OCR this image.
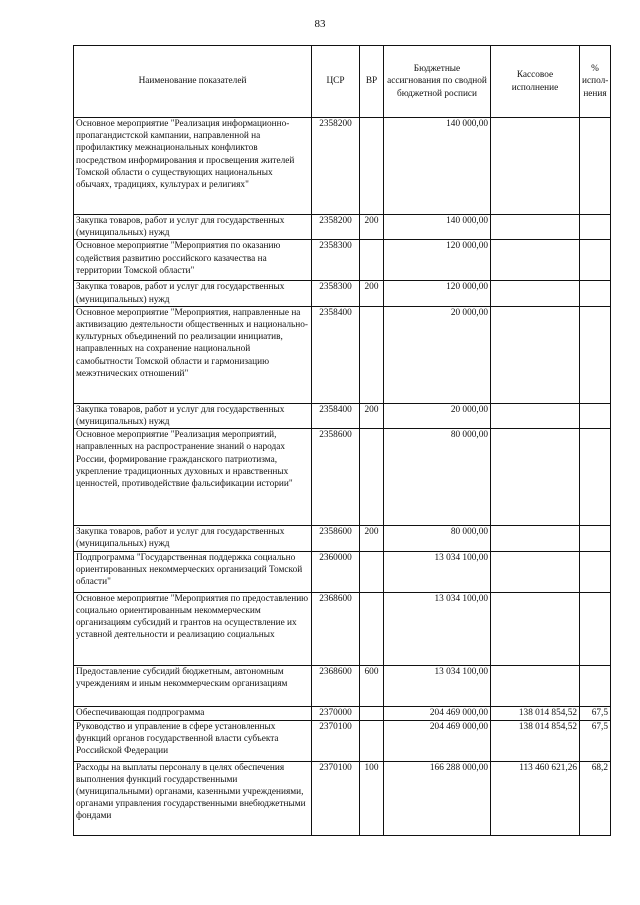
83
Наименование показателей	ЦСР	ВР	Бюджетные ассигнования по сводной бюджетной росписи	Кассовое исполнение	% испол-нения
Основное мероприятие "Реализация информационно-пропагандистской кампании, направленной на профилактику межнациональных конфликтов посредством информирования и просвещения жителей Томской области о существующих национальных обычаях, традициях, культурах и религиях"	2358200		140 000,00		
Закупка товаров, работ и услуг для государственных (муниципальных) нужд	2358200	200	140 000,00		
Основное мероприятие "Мероприятия по оказанию содействия развитию российского казачества на территории Томской области"	2358300		120 000,00		
Закупка товаров, работ и услуг для государственных (муниципальных) нужд	2358300	200	120 000,00		
Основное мероприятие "Мероприятия, направленные на активизацию деятельности общественных и национально-культурных объединений по реализации инициатив, направленных на сохранение национальной самобытности Томской области и гармонизацию межэтнических отношений"	2358400		20 000,00		
Закупка товаров, работ и услуг для государственных (муниципальных) нужд	2358400	200	20 000,00		
Основное мероприятие "Реализация мероприятий, направленных на распространение знаний о народах России, формирование гражданского патриотизма, укрепление традиционных духовных и нравственных ценностей, противодействие фальсификации истории"	2358600		80 000,00		
Закупка товаров, работ и услуг для государственных (муниципальных) нужд	2358600	200	80 000,00		
Подпрограмма "Государственная поддержка социально ориентированных некоммерческих организаций Томской области"	2360000		13 034 100,00		
Основное мероприятие "Мероприятия по предоставлению социально ориентированным некоммерческим организациям субсидий и грантов на осуществление их уставной деятельности и реализацию социальных	2368600		13 034 100,00		
Предоставление субсидий бюджетным, автономным учреждениям и иным некоммерческим организациям	2368600	600	13 034 100,00		
Обеспечивающая подпрограмма	2370000		204 469 000,00	138 014 854,52	67,5
Руководство и управление в сфере установленных функций органов государственной власти субъекта Российской Федерации	2370100		204 469 000,00	138 014 854,52	67,5
Расходы на выплаты персоналу в целях обеспечения выполнения функций государственными (муниципальными) органами, казенными учреждениями, органами управления государственными внебюджетными фондами	2370100	100	166 288 000,00	113 460 621,26	68,2
